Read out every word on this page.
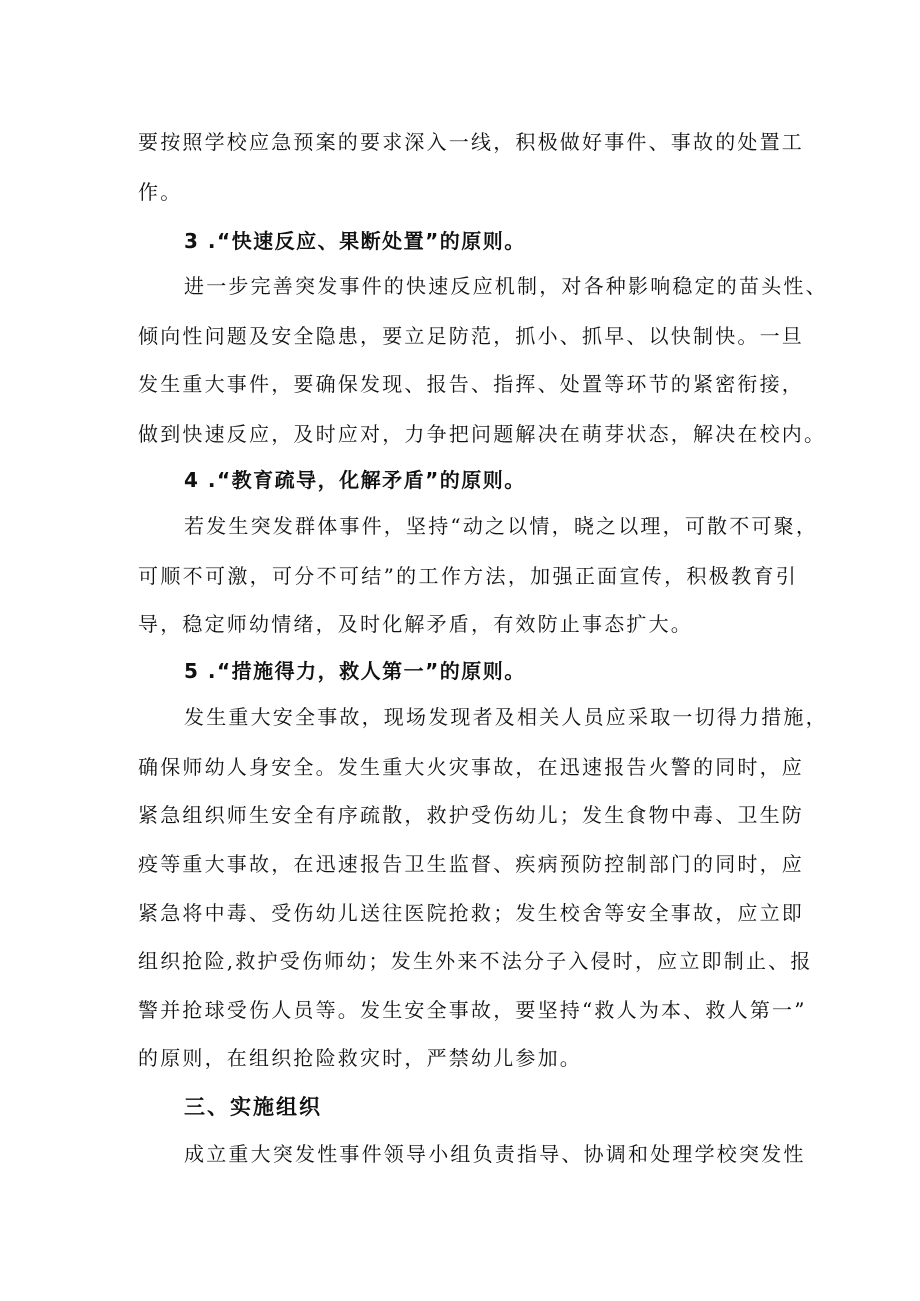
要按照学校应急预案的要求深入一线，积极做好事件、事故的处置工
作。
3 .“快速反应、果断处置”的原则。
进一步完善突发事件的快速反应机制，对各种影响稳定的苗头性、
倾向性问题及安全隐患，要立足防范，抓小、抓早、以快制快。一旦
发生重大事件，要确保发现、报告、指挥、处置等环节的紧密衔接，
做到快速反应，及时应对，力争把问题解决在萌芽状态，解决在校内。
4 .“教育疏导，化解矛盾”的原则。
若发生突发群体事件，坚持“动之以情，晓之以理，可散不可聚，
可顺不可激，可分不可结”的工作方法，加强正面宣传，积极教育引
导，稳定师幼情绪，及时化解矛盾，有效防止事态扩大。
5 .“措施得力，救人第一”的原则。
发生重大安全事故，现场发现者及相关人员应采取一切得力措施，
确保师幼人身安全。发生重大火灾事故，在迅速报告火警的同时，应
紧急组织师生安全有序疏散，救护受伤幼儿；发生食物中毒、卫生防
疫等重大事故，在迅速报告卫生监督、疾病预防控制部门的同时，应
紧急将中毒、受伤幼儿送往医院抢救；发生校舍等安全事故，应立即
组织抢险,救护受伤师幼；发生外来不法分子入侵时，应立即制止、报
警并抢球受伤人员等。发生安全事故，要坚持“救人为本、救人第一”
的原则，在组织抢险救灾时，严禁幼儿参加。
三、实施组织
成立重大突发性事件领导小组负责指导、协调和处理学校突发性
